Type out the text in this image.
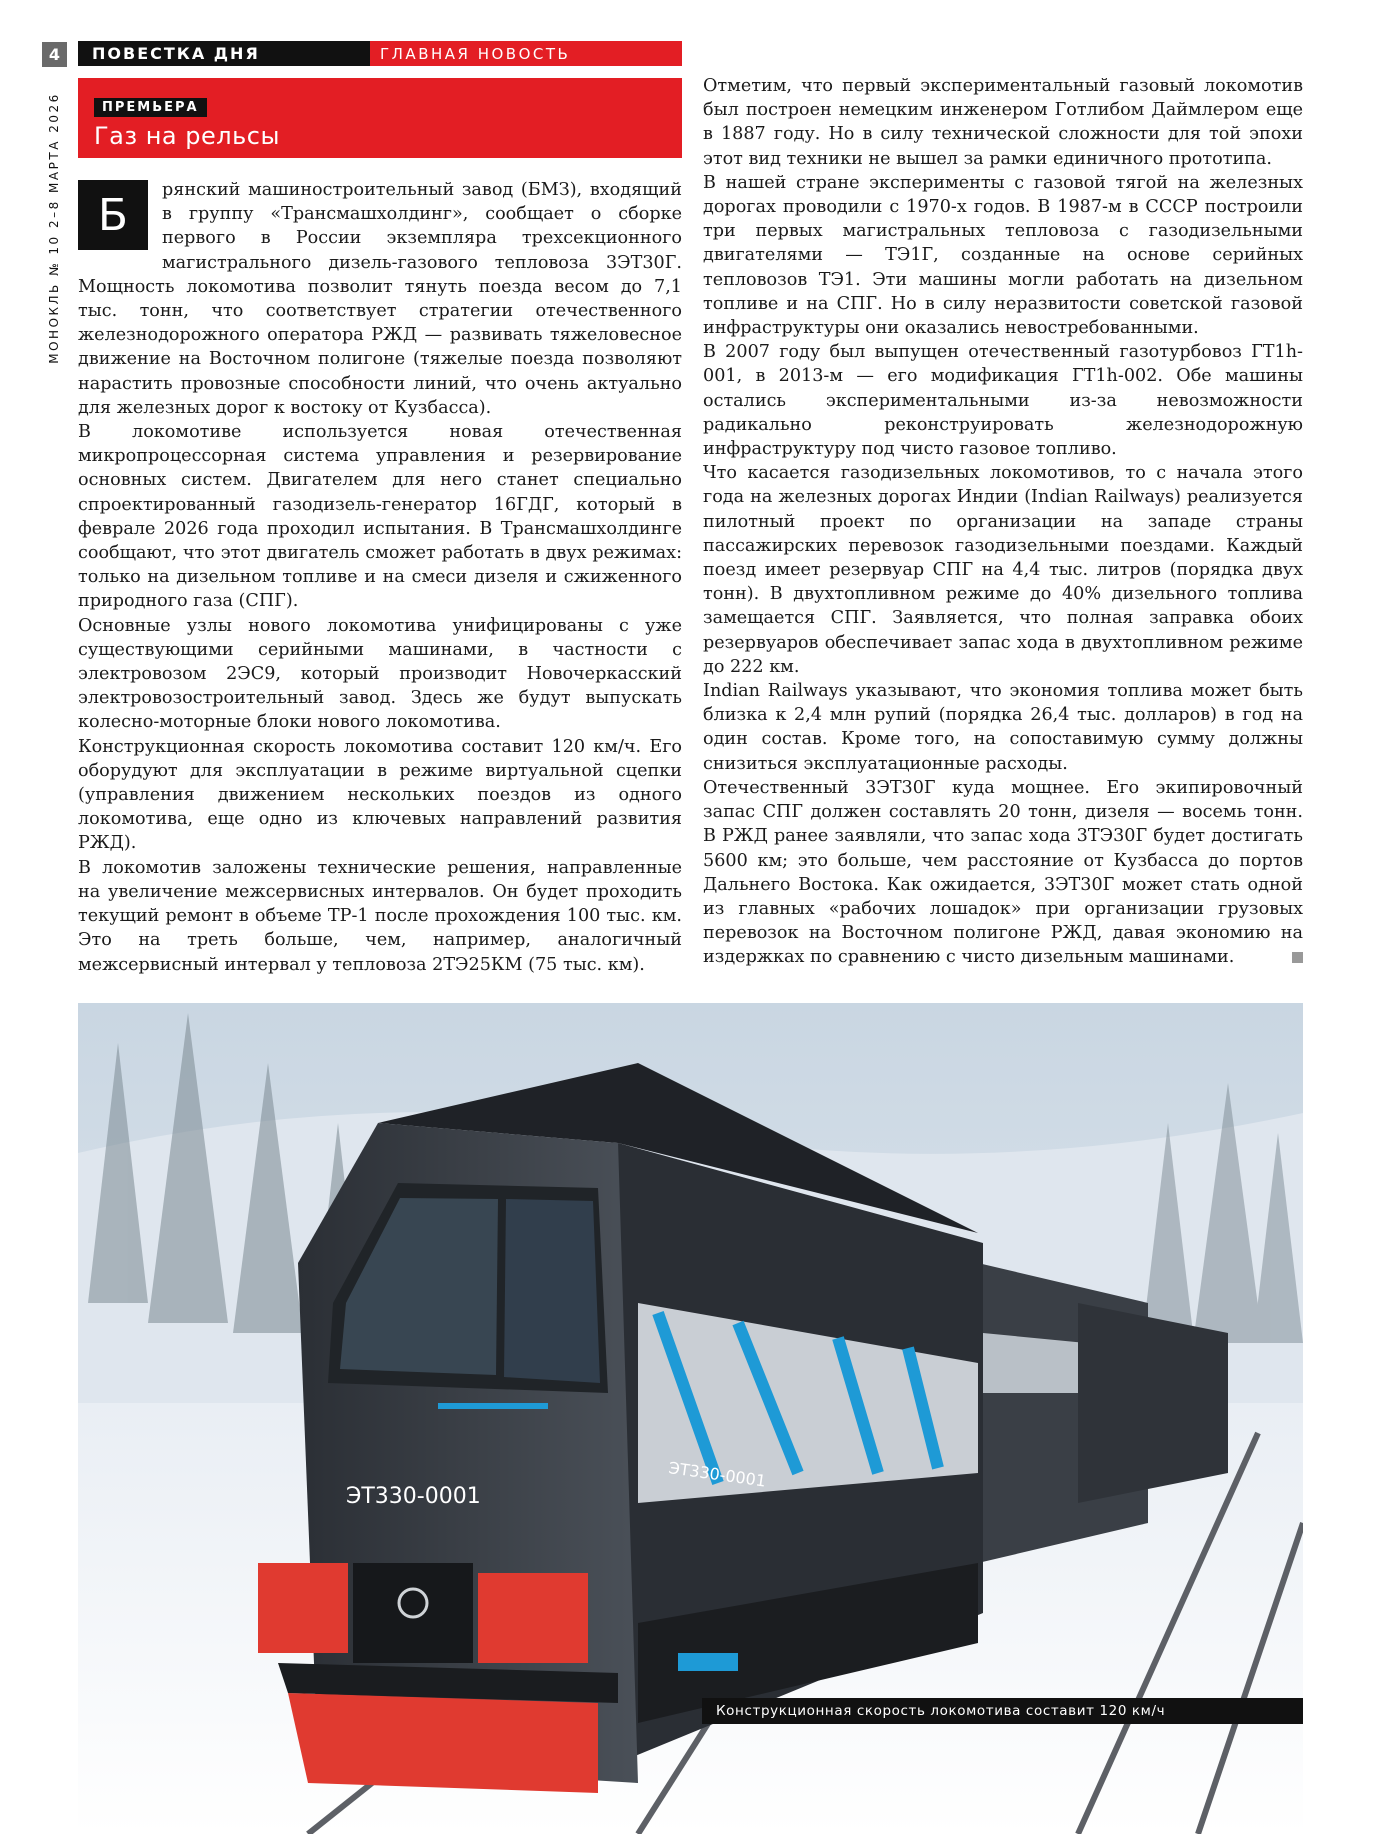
4	ПОВЕСТКА ДНЯ	ГЛАВНАЯ НОВОСТЬ
МОНОКЛЬ № 10 2–8 МАРТА 2026	ПРЕМЬЕРА
Газ на рельсы

Б	рянский машиностроительный завод (БМЗ), входящий в группу «Трансмашхолдинг», сообщает о сборке первого в России экземпляра трехсекционного магистрального дизель-газового тепловоза 3ЭТ30Г. Мощность локомотива позволит тянуть поезда весом до 7,1 тыс. тонн, что соответствует стратегии отечественного железнодорожного оператора РЖД — развивать тяжеловесное движение на Восточном полигоне (тяжелые поезда позволяют нарастить провозные способности линий, что очень актуально для железных дорог к востоку от Кузбасса).

В локомотиве используется новая отечественная микропроцессорная система управления и резервирование основных систем. Двигателем для него станет специально спроектированный газодизель-генератор 16ГДГ, который в феврале 2026 года проходил испытания. В Трансмашхолдинге сообщают, что этот двигатель сможет работать в двух режимах: только на дизельном топливе и на смеси дизеля и сжиженного природного газа (СПГ).

Основные узлы нового локомотива унифицированы с уже существующими серийными машинами, в частности с электровозом 2ЭС9, который производит Новочеркасский электровозостроительный завод. Здесь же будут выпускать колесно-моторные блоки нового локомотива.

Конструкционная скорость локомотива составит 120 км/ч. Его оборудуют для эксплуатации в режиме виртуальной сцепки (управления движением нескольких поездов из одного локомотива, еще одно из ключевых направлений развития РЖД).

В локомотив заложены технические решения, направленные на увеличение межсервисных интервалов. Он будет проходить текущий ремонт в объеме ТР-1 после прохождения 100 тыс. км. Это на треть больше, чем, например, аналогичный межсервисный интервал у тепловоза 2ТЭ25КМ (75 тыс. км).

Отметим, что первый экспериментальный газовый локомотив был построен немецким инженером Готлибом Даймлером еще в 1887 году. Но в силу технической сложности для той эпохи этот вид техники не вышел за рамки единичного прототипа.

В нашей стране эксперименты с газовой тягой на железных дорогах проводили с 1970-х годов. В 1987-м в СССР построили три первых магистральных тепловоза с газодизельными двигателями — ТЭ1Г, созданные на основе серийных тепловозов ТЭ1. Эти машины могли работать на дизельном топливе и на СПГ. Но в силу неразвитости советской газовой инфраструктуры они оказались невостребованными.

В 2007 году был выпущен отечественный газотурбовоз ГТ1h-001, в 2013-м — его модификация ГТ1h-002. Обе машины остались экспериментальными из-за невозможности радикально реконструировать железнодорожную инфраструктуру под чисто газовое топливо.

Что касается газодизельных локомотивов, то с начала этого года на железных дорогах Индии (Indian Railways) реализуется пилотный проект по организации на западе страны пассажирских перевозок газодизельными поездами. Каждый поезд имеет резервуар СПГ на 4,4 тыс. литров (порядка двух тонн). В двухтопливном режиме до 40% дизельного топлива замещается СПГ. Заявляется, что полная заправка обоих резервуаров обеспечивает запас хода в двухтопливном режиме до 222 км.

Indian Railways указывают, что экономия топлива может быть близка к 2,4 млн рупий (порядка 26,4 тыс. долларов) в год на один состав. Кроме того, на сопоставимую сумму должны снизиться эксплуатационные расходы.

Отечественный 3ЭТ30Г куда мощнее. Его экипировочный запас СПГ должен составлять 20 тонн, дизеля — восемь тонн. В РЖД ранее заявляли, что запас хода 3ТЭ30Г будет достигать 5600 км; это больше, чем расстояние от Кузбасса до портов Дальнего Востока. Как ожидается, 3ЭТ30Г может стать одной из главных «рабочих лошадок» при организации грузовых перевозок на Восточном полигоне РЖД, давая экономию на издержках по сравнению с чисто дизельным машинами.

ЭТ330-0001
ЭТ330-0001
Конструкционная скорость локомотива составит 120 км/ч
